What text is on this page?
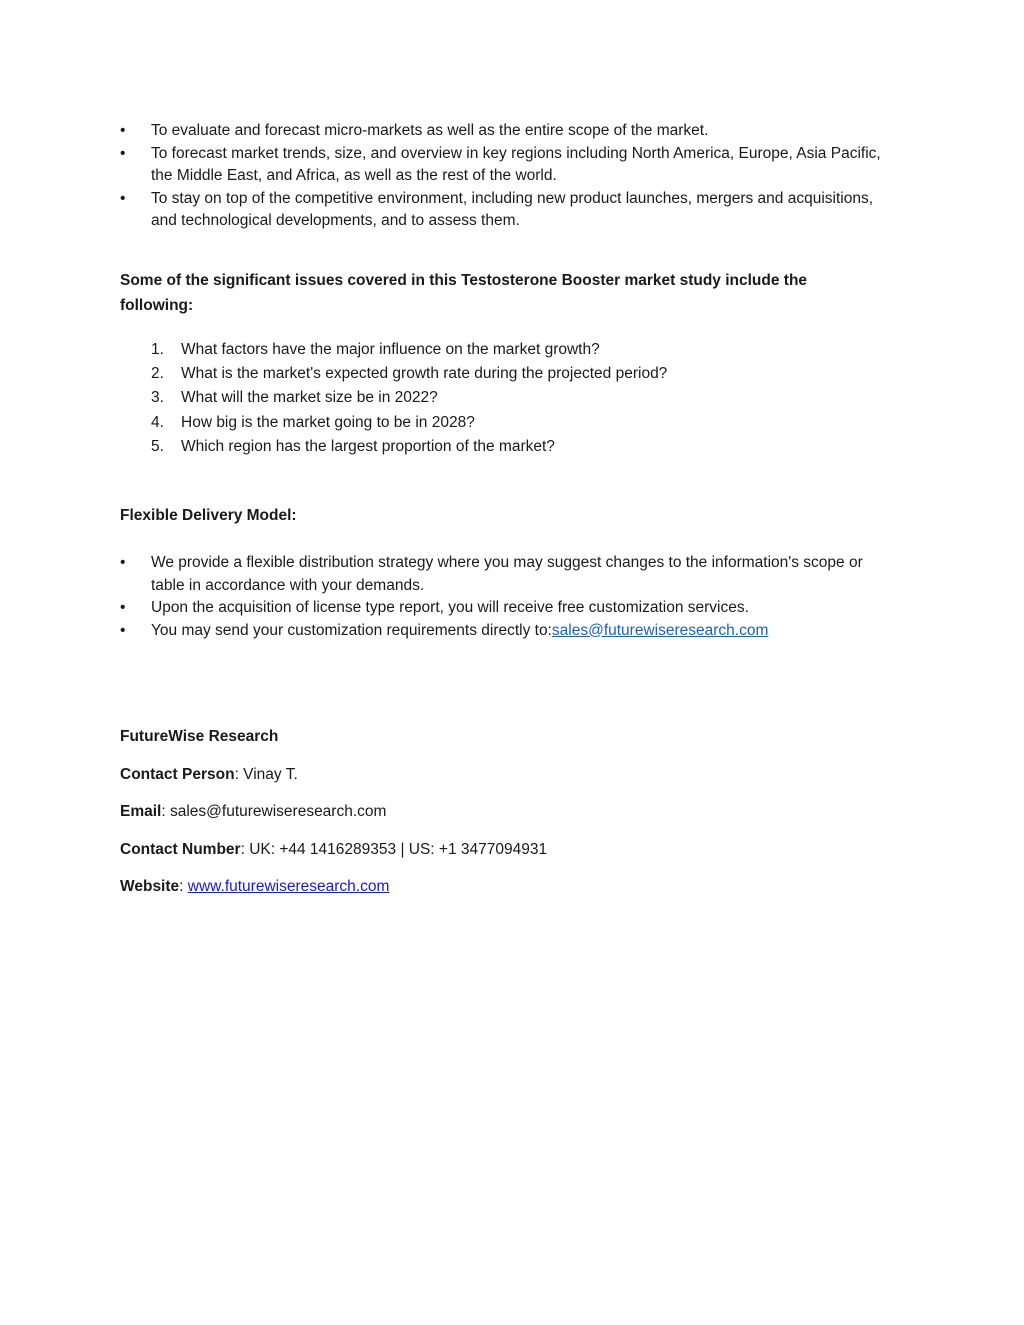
• To evaluate and forecast micro-markets as well as the entire scope of the market.
• To forecast market trends, size, and overview in key regions including North America, Europe, Asia Pacific, the Middle East, and Africa, as well as the rest of the world.
• To stay on top of the competitive environment, including new product launches, mergers and acquisitions, and technological developments, and to assess them.
Some of the significant issues covered in this Testosterone Booster market study include the following:
1. What factors have the major influence on the market growth?
2. What is the market's expected growth rate during the projected period?
3. What will the market size be in 2022?
4. How big is the market going to be in 2028?
5. Which region has the largest proportion of the market?
Flexible Delivery Model:
• We provide a flexible distribution strategy where you may suggest changes to the information's scope or table in accordance with your demands.
• Upon the acquisition of license type report, you will receive free customization services.
• You may send your customization requirements directly to:sales@futurewiseresearch.com
FutureWise Research
Contact Person: Vinay T.
Email: sales@futurewiseresearch.com
Contact Number: UK: +44 1416289353 | US: +1 3477094931
Website: www.futurewiseresearch.com
